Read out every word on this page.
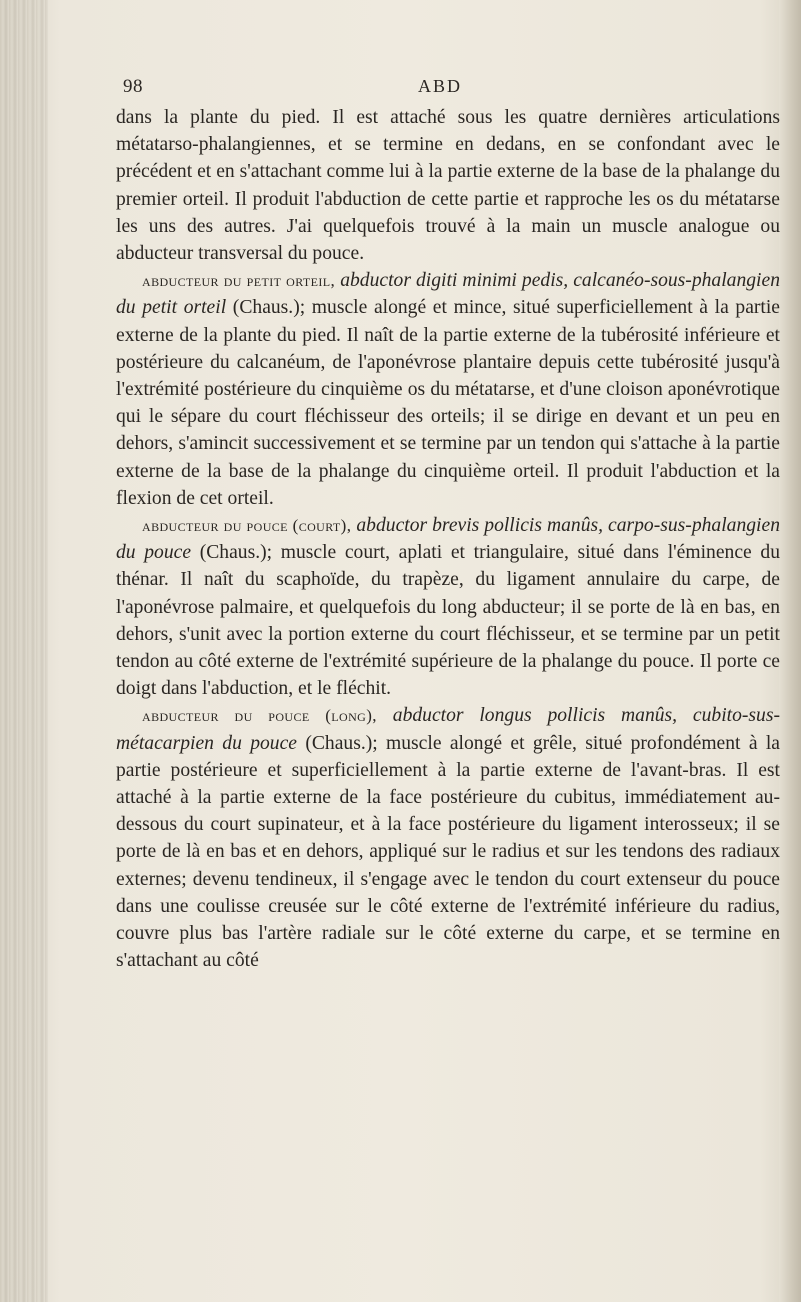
98	ABD

dans la plante du pied. Il est attaché sous les quatre dernières articulations métatarso-phalangiennes, et se termine en dedans, en se confondant avec le précédent et en s'attachant comme lui à la partie externe de la base de la phalange du premier orteil. Il produit l'abduction de cette partie et rapproche les os du métatarse les uns des autres. J'ai quelquefois trouvé à la main un muscle analogue ou abducteur transversal du pouce.

abducteur du petit orteil, abductor digiti minimi pedis, calcanéo-sous-phalangien du petit orteil (Chaus.); muscle alongé et mince, situé superficiellement à la partie externe de la plante du pied. Il naît de la partie externe de la tubérosité inférieure et postérieure du calcanéum, de l'aponévrose plantaire depuis cette tubérosité jusqu'à l'extrémité postérieure du cinquième os du métatarse, et d'une cloison aponévrotique qui le sépare du court fléchisseur des orteils; il se dirige en devant et un peu en dehors, s'amincit successivement et se termine par un tendon qui s'attache à la partie externe de la base de la phalange du cinquième orteil. Il produit l'abduction et la flexion de cet orteil.

abducteur du pouce (court), abductor brevis pollicis manûs, carpo-sus-phalangien du pouce (Chaus.); muscle court, aplati et triangulaire, situé dans l'éminence du thénar. Il naît du scaphoïde, du trapèze, du ligament annulaire du carpe, de l'aponévrose palmaire, et quelquefois du long abducteur; il se porte de là en bas, en dehors, s'unit avec la portion externe du court fléchisseur, et se termine par un petit tendon au côté externe de l'extrémité supérieure de la phalange du pouce. Il porte ce doigt dans l'abduction, et le fléchit.

abducteur du pouce (long), abductor longus pollicis manûs, cubito-sus-métacarpien du pouce (Chaus.); muscle alongé et grêle, situé profondément à la partie postérieure et superficiellement à la partie externe de l'avant-bras. Il est attaché à la partie externe de la face postérieure du cubitus, immédiatement au-dessous du court supinateur, et à la face postérieure du ligament interosseux; il se porte de là en bas et en dehors, appliqué sur le radius et sur les tendons des radiaux externes; devenu tendineux, il s'engage avec le tendon du court extenseur du pouce dans une coulisse creusée sur le côté externe de l'extrémité inférieure du radius, couvre plus bas l'artère radiale sur le côté externe du carpe, et se termine en s'attachant au côté
